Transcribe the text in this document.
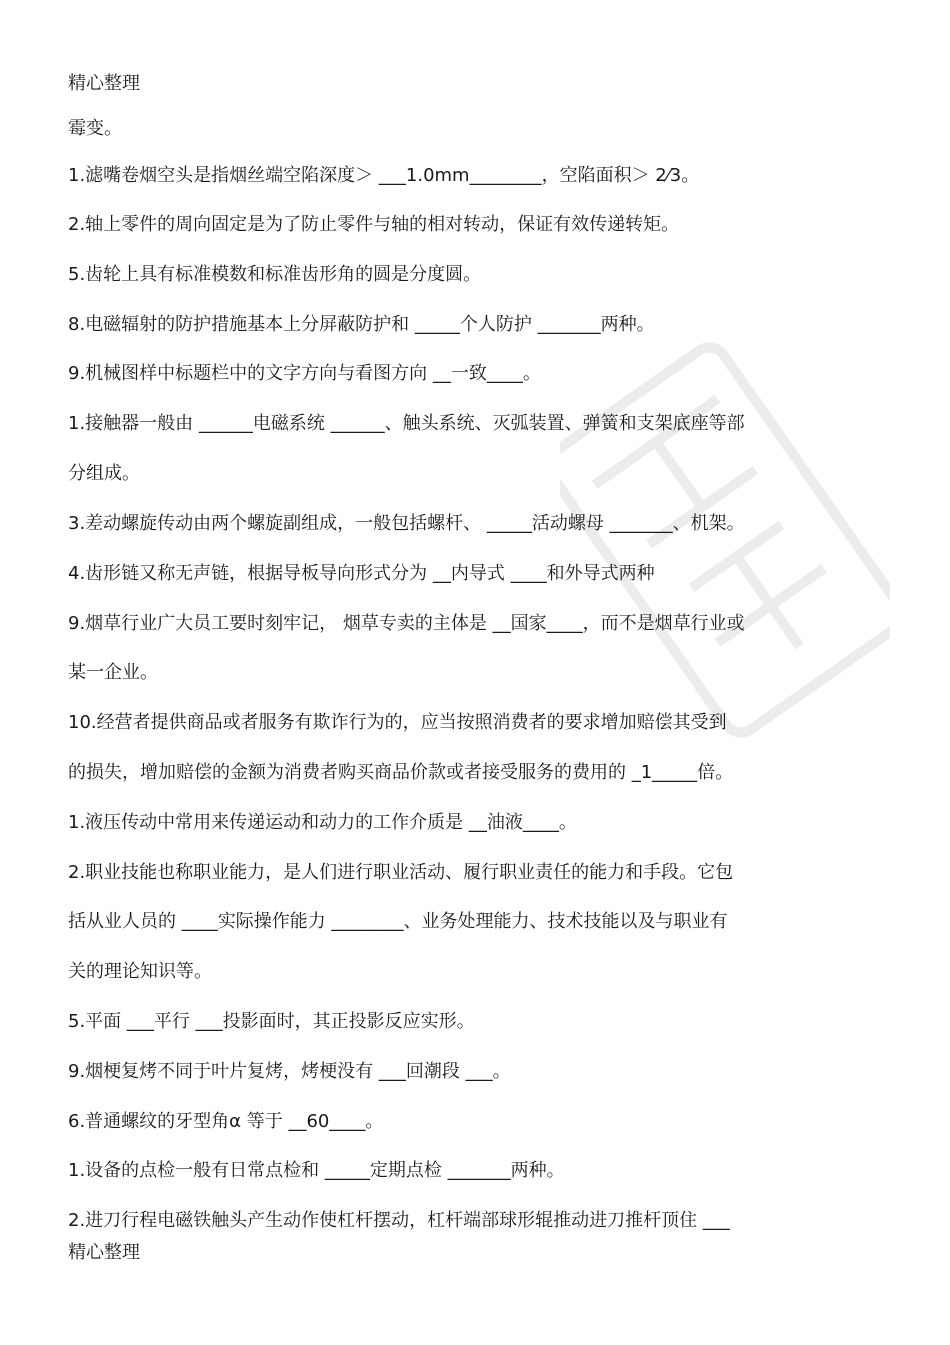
精心整理
霉变。
1.滤嘴卷烟空头是指烟丝端空陷深度＞ ___1.0mm________，空陷面积＞ 2⁄3。
2.轴上零件的周向固定是为了防止零件与轴的相对转动，保证有效传递转矩。
5.齿轮上具有标准模数和标准齿形角的圆是分度圆。
8.电磁辐射的防护措施基本上分屏蔽防护和 _____个人防护 _______两种。
9.机械图样中标题栏中的文字方向与看图方向 __一致____。
1.接触器一般由 ______电磁系统 ______、触头系统、灭弧装置、弹簧和支架底座等部
分组成。
3.差动螺旋传动由两个螺旋副组成，一般包括螺杆、 _____活动螺母 _______、机架。
4.齿形链又称无声链，根据导板导向形式分为 __内导式 ____和外导式两种
9.烟草行业广大员工要时刻牢记， 烟草专卖的主体是 __国家____，而不是烟草行业或
某一企业。
10.经营者提供商品或者服务有欺诈行为的，应当按照消费者的要求增加赔偿其受到
的损失，增加赔偿的金额为消费者购买商品价款或者接受服务的费用的 _1_____倍。
1.液压传动中常用来传递运动和动力的工作介质是 __油液____。
2.职业技能也称职业能力，是人们进行职业活动、履行职业责任的能力和手段。它包
括从业人员的 ____实际操作能力 ________、业务处理能力、技术技能以及与职业有
关的理论知识等。
5.平面 ___平行 ___投影面时，其正投影反应实形。
9.烟梗复烤不同于叶片复烤，烤梗没有 ___回潮段 ___。
6.普通螺纹的牙型角α 等于 __60____。
1.设备的点检一般有日常点检和 _____定期点检 _______两种。
2.进刀行程电磁铁触头产生动作使杠杆摆动，杠杆端部球形辊推动进刀推杆顶住 ___
精心整理
